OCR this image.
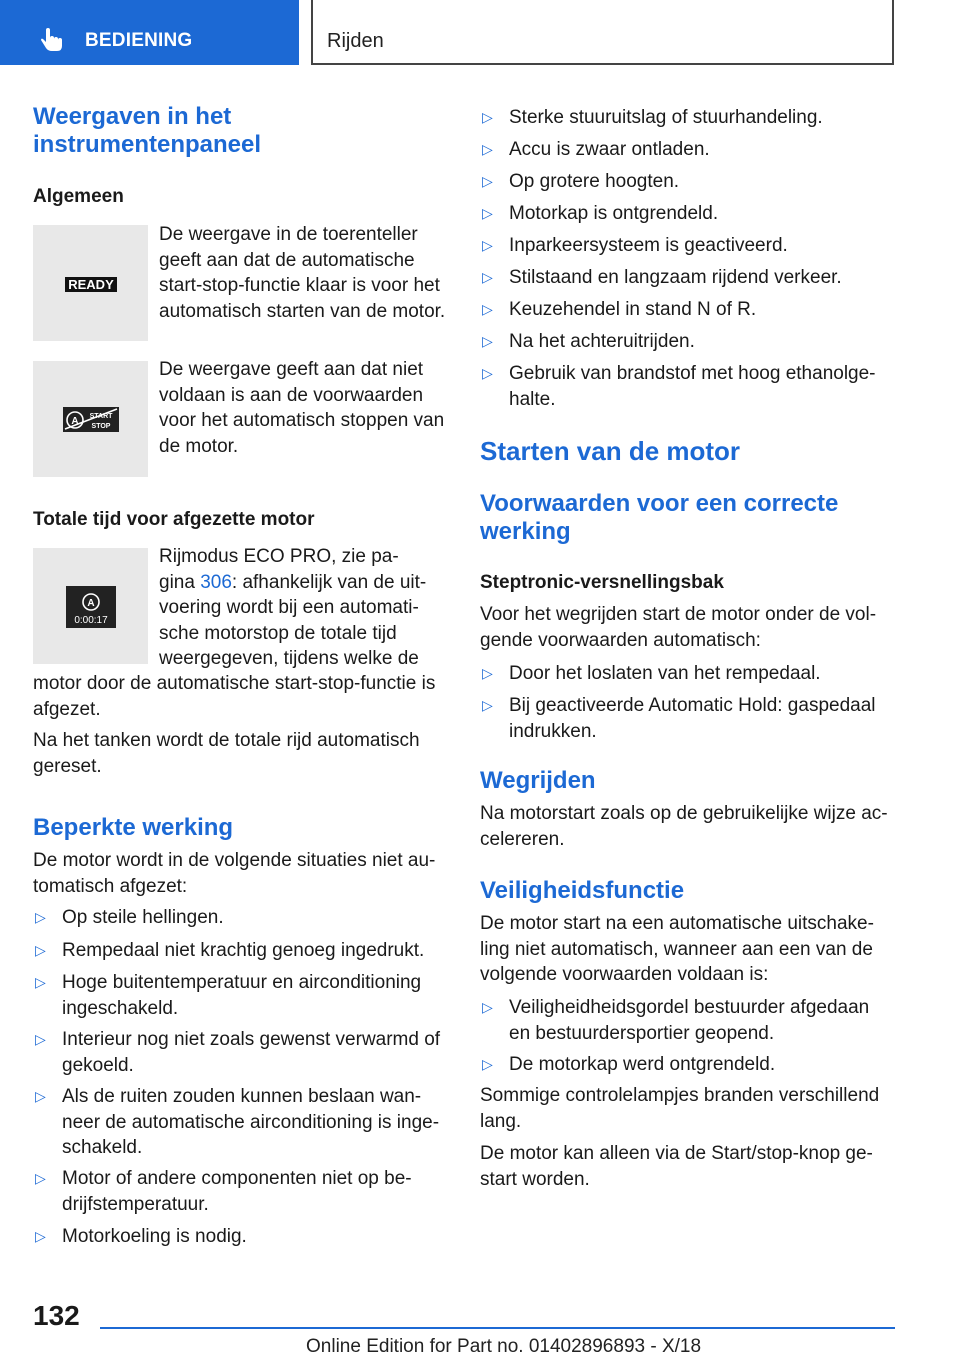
BEDIENING	Rijden
Weergaven in het instrumentenpaneel
Algemeen
READY
De weergave in de toerenteller geeft aan dat de automatische start-stop-functie klaar is voor het automatisch starten van de motor.
A START
STOP
De weergave geeft aan dat niet voldaan is aan de voorwaarden voor het automatisch stoppen van de motor.
Totale tijd voor afgezette motor
A
0:00:17
Rijmodus ECO PRO, zie pa-
gina 306: afhankelijk van de uit-
voering wordt bij een automati-
sche motorstop de totale tijd
weergegeven, tijdens welke de
motor door de automatische start-stop-functie is afgezet.
Na het tanken wordt de totale rijd automatisch gereset.
Beperkte werking
De motor wordt in de volgende situaties niet au-tomatisch afgezet:
▷ Op steile hellingen.
▷ Rempedaal niet krachtig genoeg ingedrukt.
▷ Hoge buitentemperatuur en airconditioning ingeschakeld.
▷ Interieur nog niet zoals gewenst verwarmd of gekoeld.
▷ Als de ruiten zouden kunnen beslaan wan-neer de automatische airconditioning is inge-schakeld.
▷ Motor of andere componenten niet op be-drijfstemperatuur.
▷ Motorkoeling is nodig.
▷ Sterke stuuruitslag of stuurhandeling.
▷ Accu is zwaar ontladen.
▷ Op grotere hoogten.
▷ Motorkap is ontgrendeld.
▷ Inparkeersysteem is geactiveerd.
▷ Stilstaand en langzaam rijdend verkeer.
▷ Keuzehendel in stand N of R.
▷ Na het achteruitrijden.
▷ Gebruik van brandstof met hoog ethanolge-halte.
Starten van de motor
Voorwaarden voor een correcte werking
Steptronic-versnellingsbak
Voor het wegrijden start de motor onder de vol-gende voorwaarden automatisch:
▷ Door het loslaten van het rempedaal.
▷ Bij geactiveerde Automatic Hold: gaspedaal indrukken.
Wegrijden
Na motorstart zoals op de gebruikelijke wijze ac-celereren.
Veiligheidsfunctie
De motor start na een automatische uitschake-ling niet automatisch, wanneer aan een van de volgende voorwaarden voldaan is:
▷ Veiligheidheidsgordel bestuurder afgedaan en bestuurdersportier geopend.
▷ De motorkap werd ontgrendeld.
Sommige controlelampjes branden verschillend lang.
De motor kan alleen via de Start/stop-knop ge-start worden.
132
Online Edition for Part no. 01402896893 - X/18
